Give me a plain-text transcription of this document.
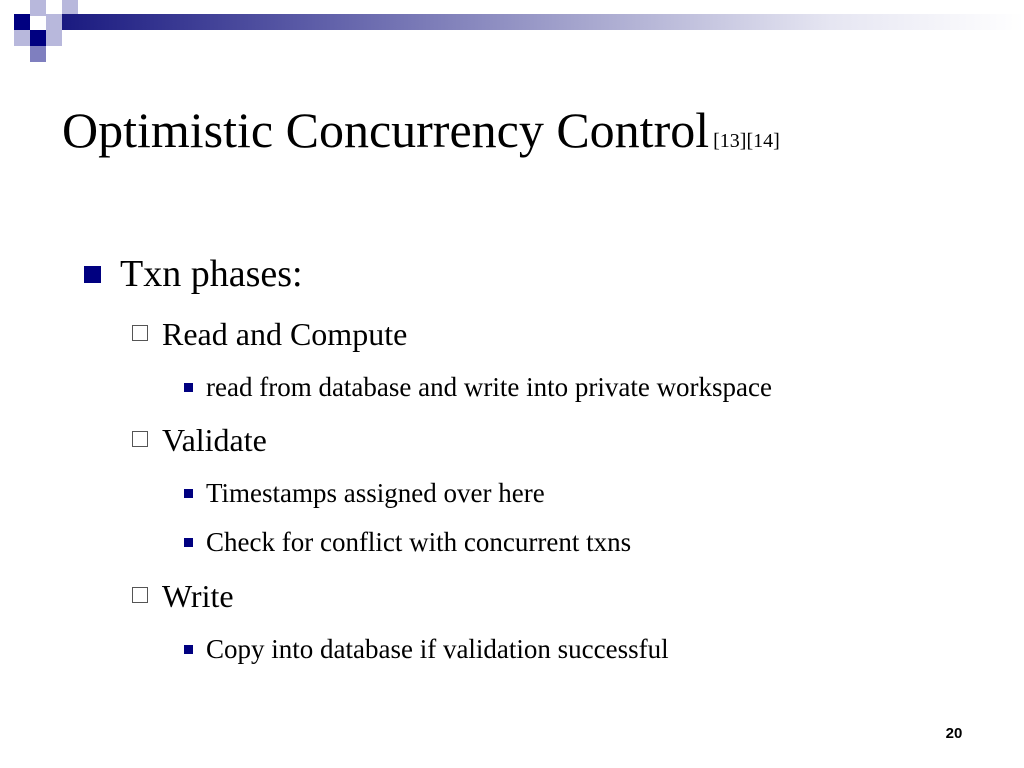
Optimistic Concurrency Control [13][14]
Txn phases:
Read and Compute
read from database and write into private workspace
Validate
Timestamps assigned over here
Check for conflict with concurrent txns
Write
Copy into database if validation successful
20
